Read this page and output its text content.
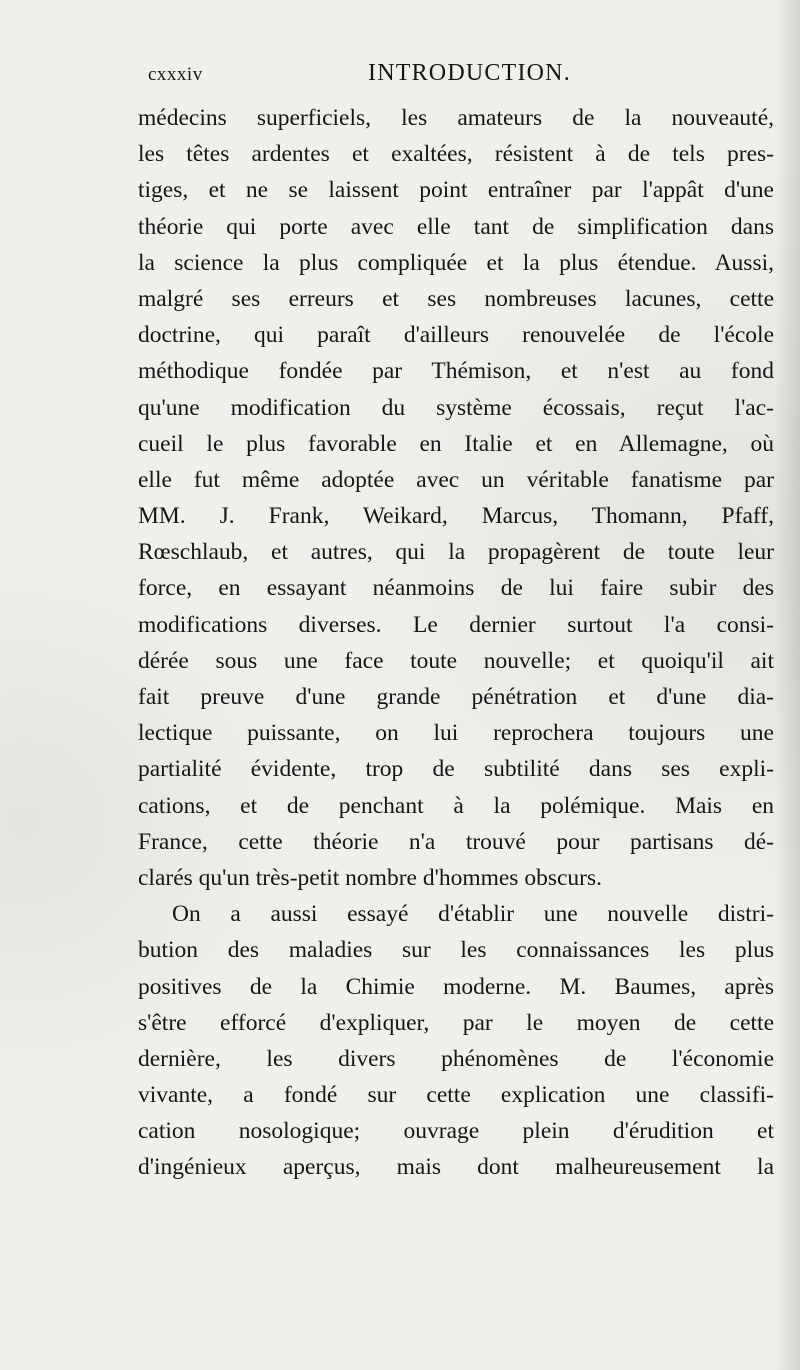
cxxxiv	INTRODUCTION.
médecins superficiels, les amateurs de la nouveauté,
les têtes ardentes et exaltées, résistent à de tels pres-
tiges, et ne se laissent point entraîner par l'appât d'une
théorie qui porte avec elle tant de simplification dans
la science la plus compliquée et la plus étendue. Aussi,
malgré ses erreurs et ses nombreuses lacunes, cette
doctrine, qui paraît d'ailleurs renouvelée de l'école
méthodique fondée par Thémison, et n'est au fond
qu'une modification du système écossais, reçut l'ac-
cueil le plus favorable en Italie et en Allemagne, où
elle fut même adoptée avec un véritable fanatisme par
MM. J. Frank, Weikard, Marcus, Thomann, Pfaff,
Rœschlaub, et autres, qui la propagèrent de toute leur
force, en essayant néanmoins de lui faire subir des
modifications diverses. Le dernier surtout l'a consi-
dérée sous une face toute nouvelle; et quoiqu'il ait
fait preuve d'une grande pénétration et d'une dia-
lectique puissante, on lui reprochera toujours une
partialité évidente, trop de subtilité dans ses expli-
cations, et de penchant à la polémique. Mais en
France, cette théorie n'a trouvé pour partisans dé-
clarés qu'un très-petit nombre d'hommes obscurs.
On a aussi essayé d'établir une nouvelle distri-
bution des maladies sur les connaissances les plus
positives de la Chimie moderne. M. Baumes, après
s'être efforcé d'expliquer, par le moyen de cette
dernière, les divers phénomènes de l'économie
vivante, a fondé sur cette explication une classifi-
cation nosologique; ouvrage plein d'érudition et
d'ingénieux aperçus, mais dont malheureusement la
